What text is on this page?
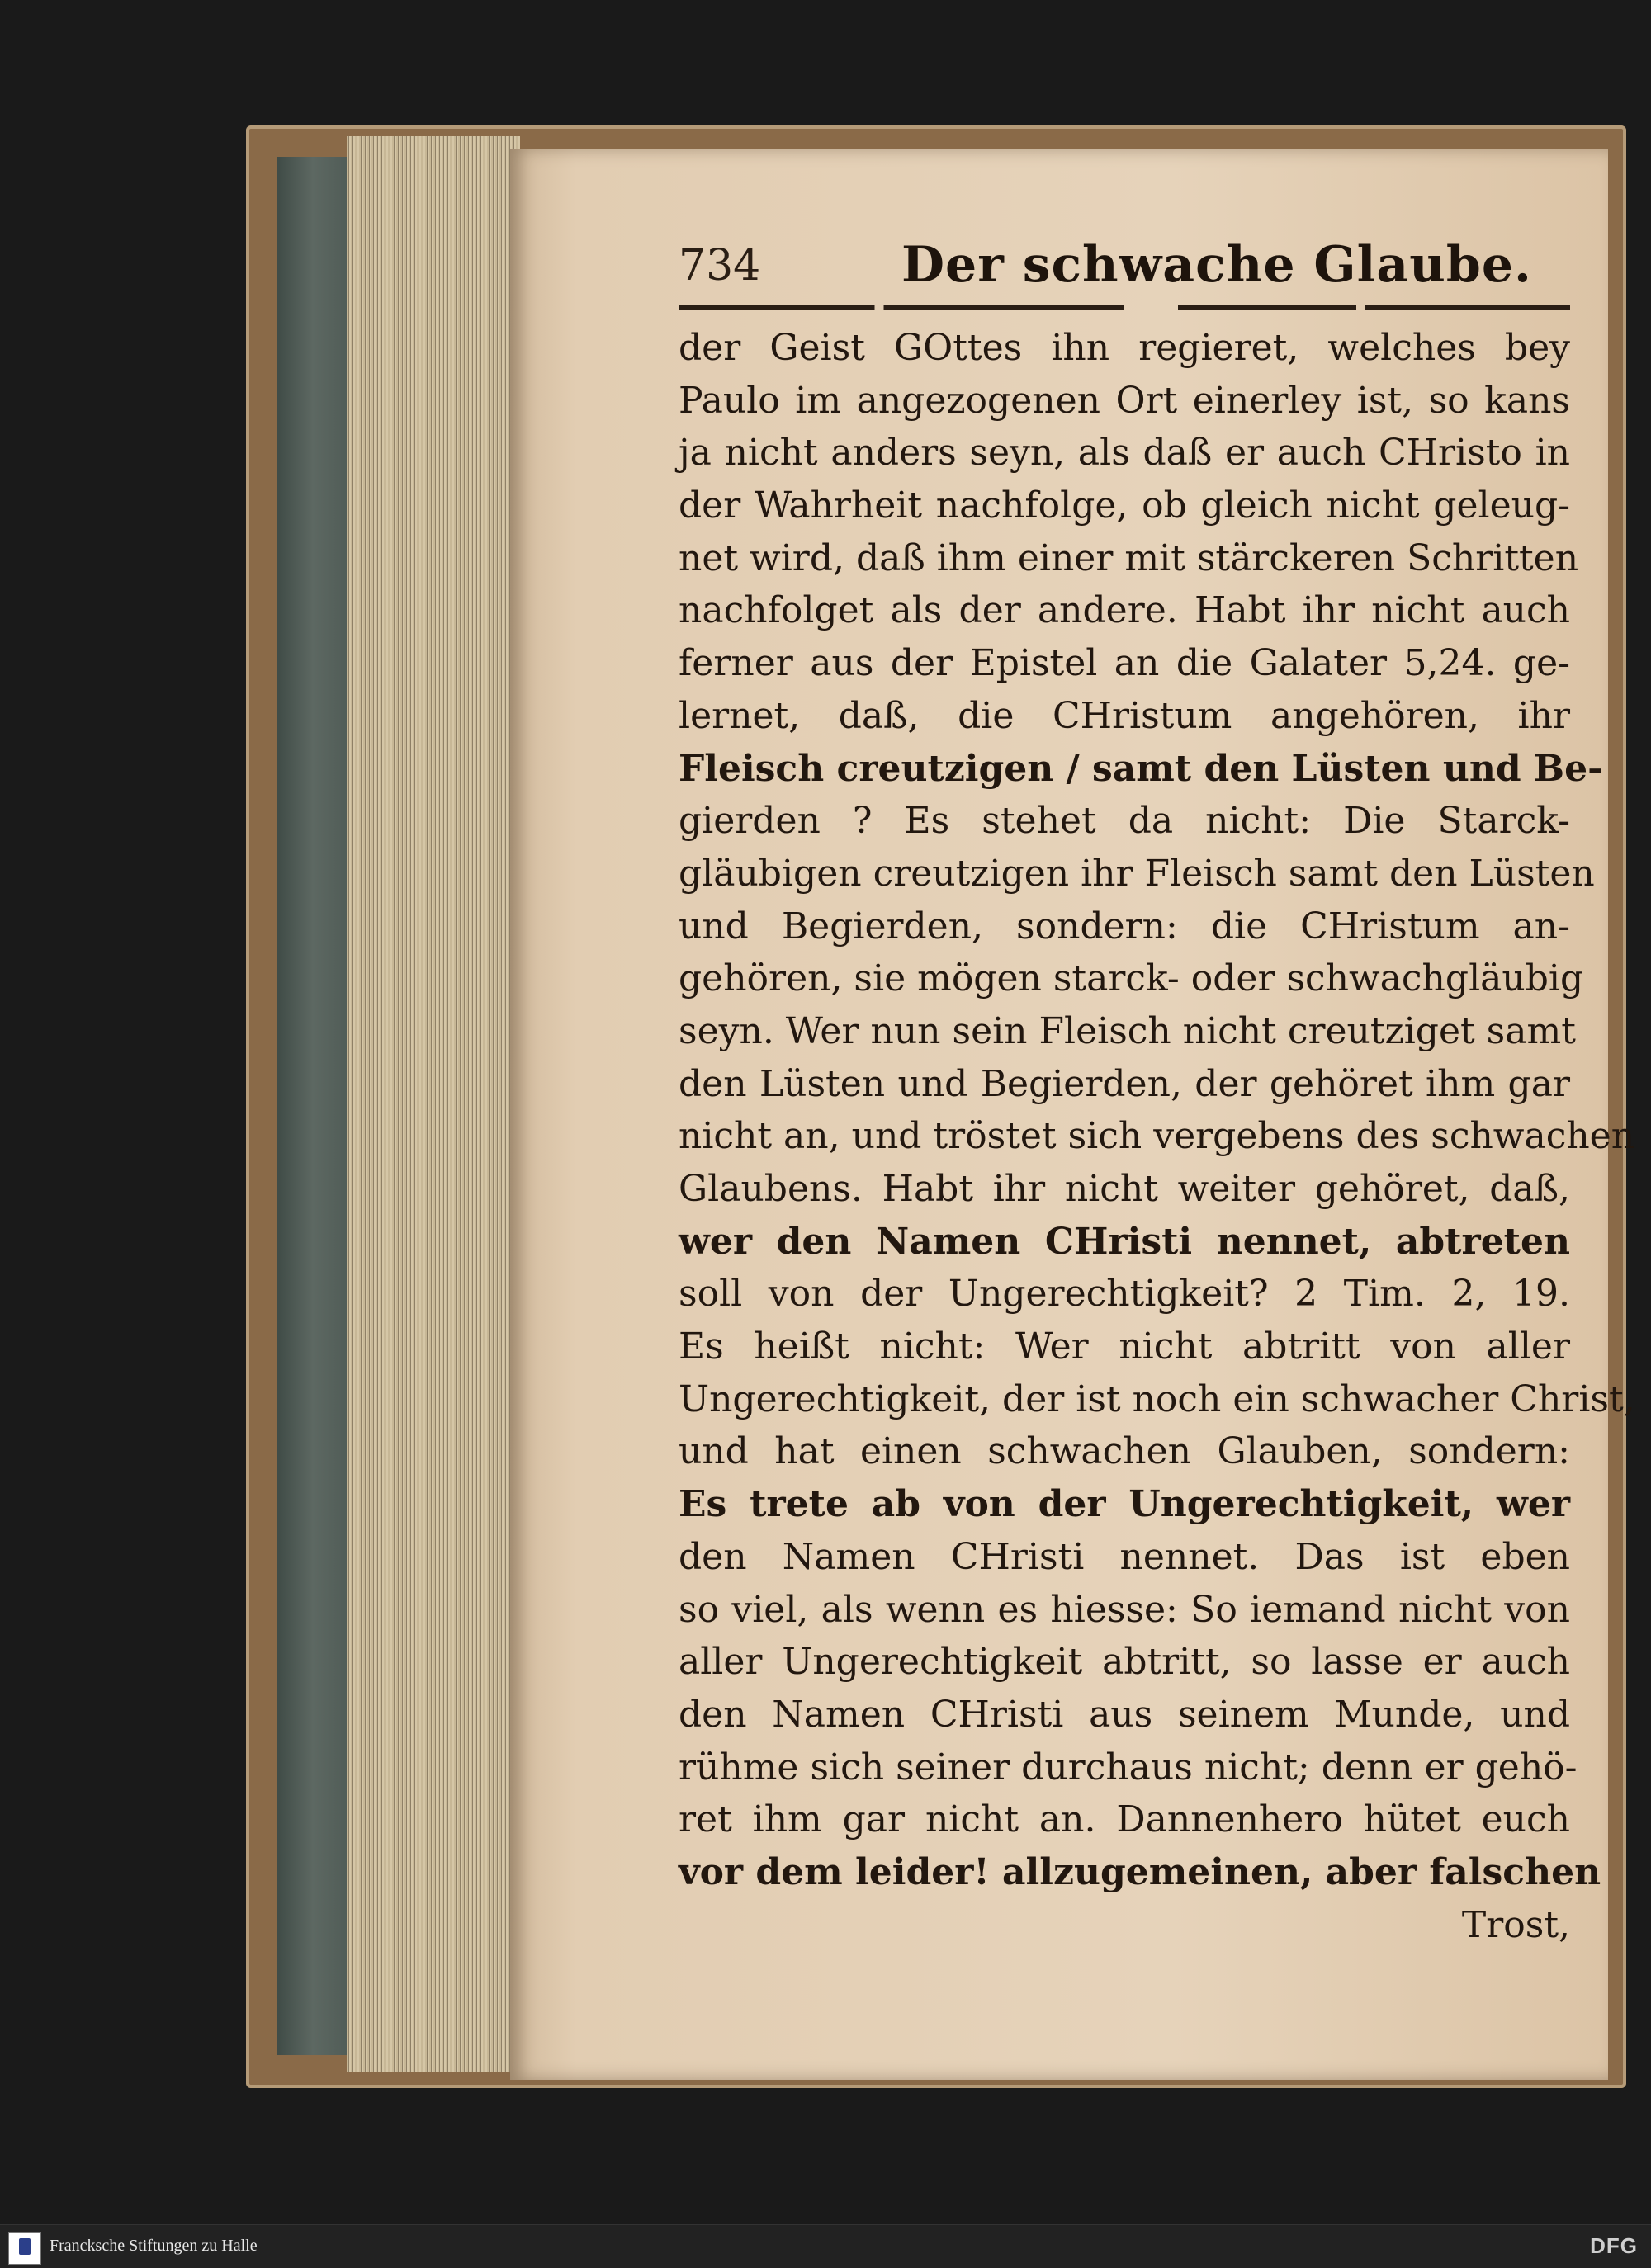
734	Der schwache Glaube.
der Geist GOttes ihn regieret, welches bey
Paulo im angezogenen Ort einerley ist, so kans
ja nicht anders seyn, als daß er auch CHristo in
der Wahrheit nachfolge, ob gleich nicht geleug-
net wird, daß ihm einer mit stärckeren Schritten
nachfolget als der andere. Habt ihr nicht auch
ferner aus der Epistel an die Galater 5,24. ge-
lernet, daß, die CHristum angehören, ihr
Fleisch creutzigen / samt den Lüsten und Be-
gierden ? Es stehet da nicht: Die Starck-
gläubigen creutzigen ihr Fleisch samt den Lüsten
und Begierden, sondern: die CHristum an-
gehören, sie mögen starck- oder schwachgläubig
seyn. Wer nun sein Fleisch nicht creutziget samt
den Lüsten und Begierden, der gehöret ihm gar
nicht an, und tröstet sich vergebens des schwachen
Glaubens. Habt ihr nicht weiter gehöret, daß,
wer den Namen CHristi nennet, abtreten
soll von der Ungerechtigkeit? 2 Tim. 2, 19.
Es heißt nicht: Wer nicht abtritt von aller
Ungerechtigkeit, der ist noch ein schwacher Christ,
und hat einen schwachen Glauben, sondern:
Es trete ab von der Ungerechtigkeit, wer
den Namen CHristi nennet. Das ist eben
so viel, als wenn es hiesse: So iemand nicht von
aller Ungerechtigkeit abtritt, so lasse er auch
den Namen CHristi aus seinem Munde, und
rühme sich seiner durchaus nicht; denn er gehö-
ret ihm gar nicht an. Dannenhero hütet euch
vor dem leider! allzugemeinen, aber falschen
Trost,
Francksche Stiftungen zu Halle	DFG
